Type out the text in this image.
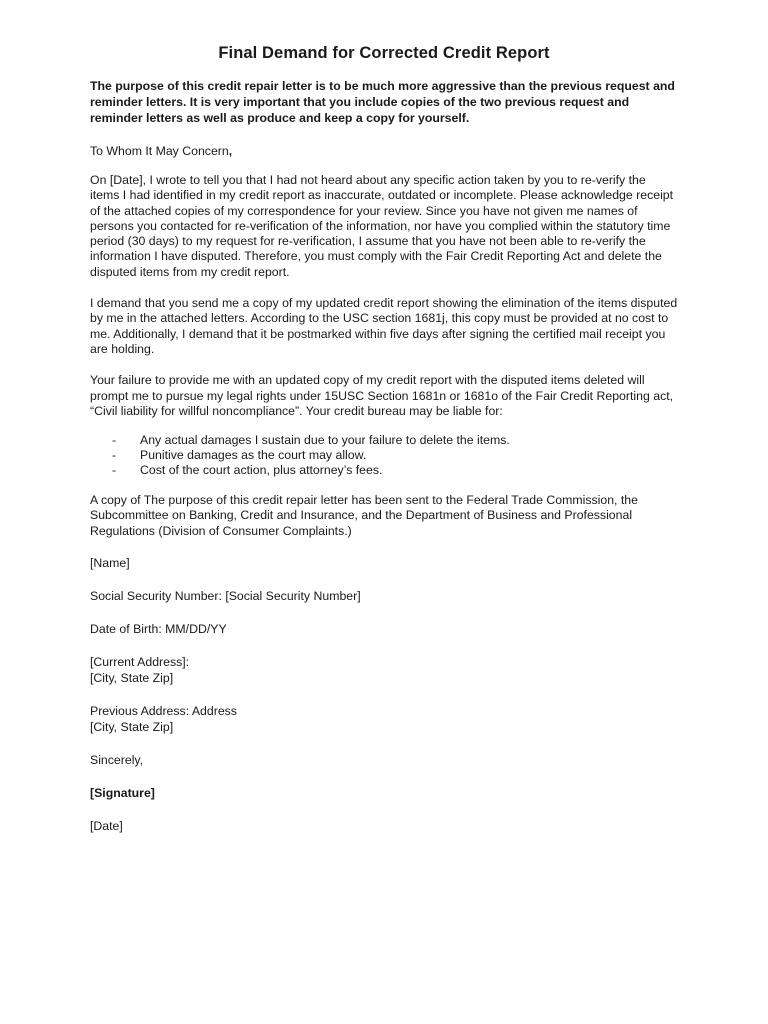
Final Demand for Corrected Credit Report

The purpose of this credit repair letter is to be much more aggressive than the previous request and reminder letters. It is very important that you include copies of the two previous request and reminder letters as well as produce and keep a copy for yourself.

To Whom It May Concern,

On [Date], I wrote to tell you that I had not heard about any specific action taken by you to re-verify the items I had identified in my credit report as inaccurate, outdated or incomplete. Please acknowledge receipt of the attached copies of my correspondence for your review. Since you have not given me names of persons you contacted for re-verification of the information, nor have you complied within the statutory time period (30 days) to my request for re-verification, I assume that you have not been able to re-verify the information I have disputed. Therefore, you must comply with the Fair Credit Reporting Act and delete the disputed items from my credit report.

I demand that you send me a copy of my updated credit report showing the elimination of the items disputed by me in the attached letters. According to the USC section 1681j, this copy must be provided at no cost to me. Additionally, I demand that it be postmarked within five days after signing the certified mail receipt you are holding.

Your failure to provide me with an updated copy of my credit report with the disputed items deleted will prompt me to pursue my legal rights under 15USC Section 1681n or 1681o of the Fair Credit Reporting act, “Civil liability for willful noncompliance”. Your credit bureau may be liable for:

-	Any actual damages I sustain due to your failure to delete the items.
-	Punitive damages as the court may allow.
-	Cost of the court action, plus attorney’s fees.

A copy of The purpose of this credit repair letter has been sent to the Federal Trade Commission, the Subcommittee on Banking, Credit and Insurance, and the Department of Business and Professional Regulations (Division of Consumer Complaints.)

[Name]
Social Security Number: [Social Security Number]
Date of Birth: MM/DD/YY
[Current Address]:
[City, State Zip]
Previous Address: Address
[City, State Zip]
Sincerely,
[Signature]
[Date]
